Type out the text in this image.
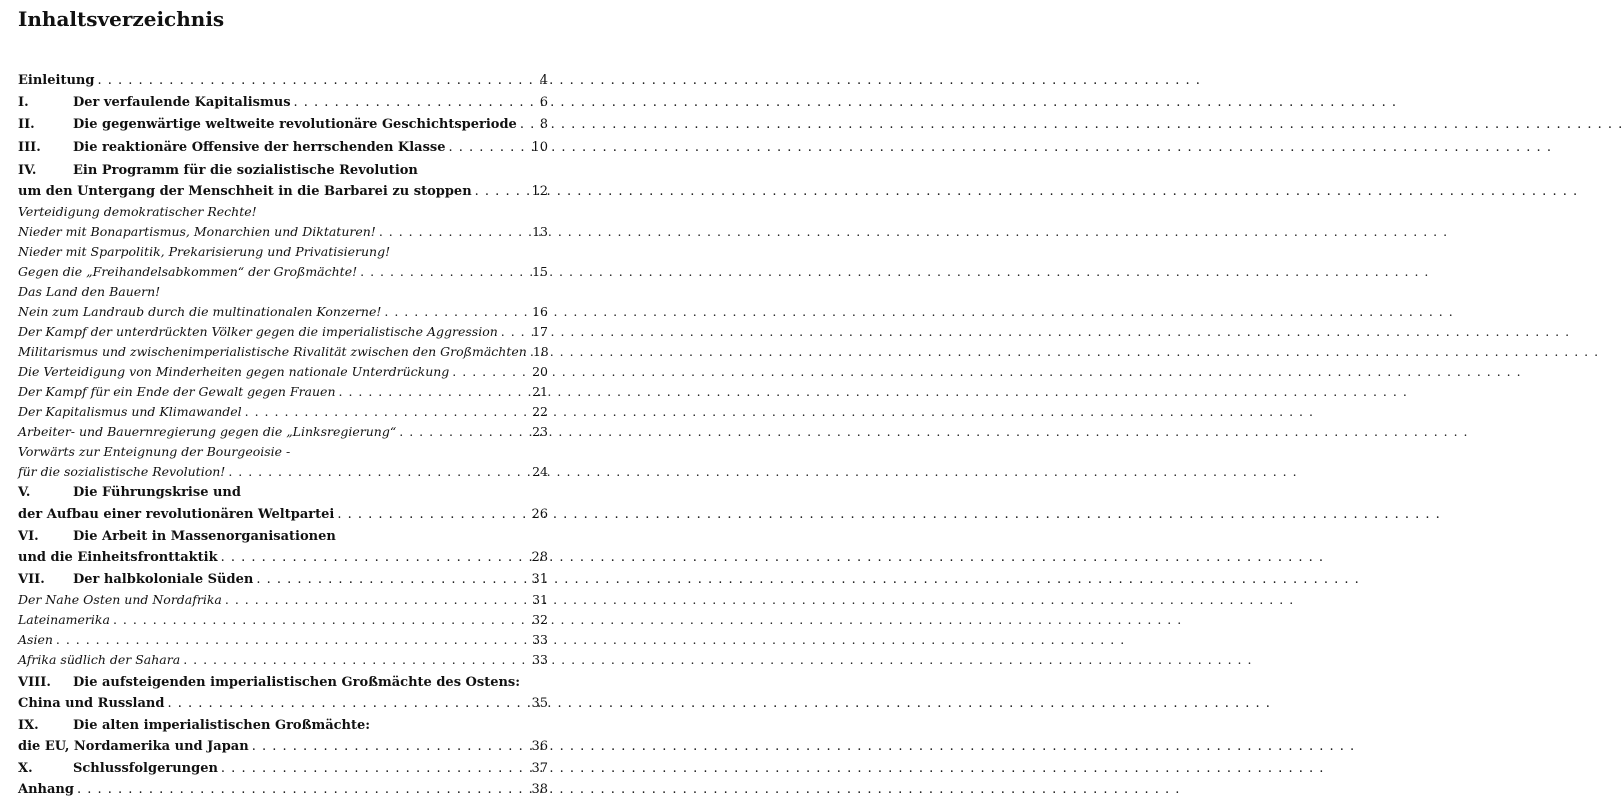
Inhaltsverzeichnis
Einleitung . . .	4
I.	Der verfaulende Kapitalismus . . .	6
II.	Die gegenwärtige weltweite revolutionäre Geschichtsperiode . . . 8
III.	Die reaktionäre Offensive der herrschenden Klasse . . .	10
IV.	Ein Programm für die sozialistische Revolution
um den Untergang der Menschheit in die Barbarei zu stoppen . . .	12
Verteidigung demokratischer Rechte!
Nieder mit Bonapartismus, Monarchien und Diktaturen! . . .	13
Nieder mit Sparpolitik, Prekarisierung und Privatisierung!
Gegen die „Freihandelsabkommen“ der Großmächte! . . .	15
Das Land den Bauern!
Nein zum Landraub durch die multinationalen Konzerne! . . .	16
Der Kampf der unterdrückten Völker gegen die imperialistische Aggression . . .	17
Militarismus und zwischenimperialistische Rivalität zwischen den Großmächten 18
Die Verteidigung von Minderheiten gegen nationale Unterdrückung . . .	20
Der Kampf für ein Ende der Gewalt gegen Frauen . . .	21
Der Kapitalismus und Klimawandel . . .	22
Arbeiter- und Bauernregierung gegen die „Linksregierung“ . . .	23
Vorwärts zur Enteignung der Bourgeoisie -
für die sozialistische Revolution! . . .	24
V.	Die Führungskrise und
der Aufbau einer revolutionären Weltpartei . . .	26
VI.	Die Arbeit in Massenorganisationen
und die Einheitsfronttaktik . . .	28
VII.	Der halbkoloniale Süden . . .	31
Der Nahe Osten und Nordafrika . . .	31
Lateinamerika . . .	32
Asien . . .	33
Afrika südlich der Sahara . . .	33
VIII.	Die aufsteigenden imperialistischen Großmächte des Ostens:
China und Russland . . .	35
IX.	Die alten imperialistischen Großmächte:
die EU, Nordamerika und Japan . . .	36
X.	Schlussfolgerungen . . .	37
Anhang . . .	38
